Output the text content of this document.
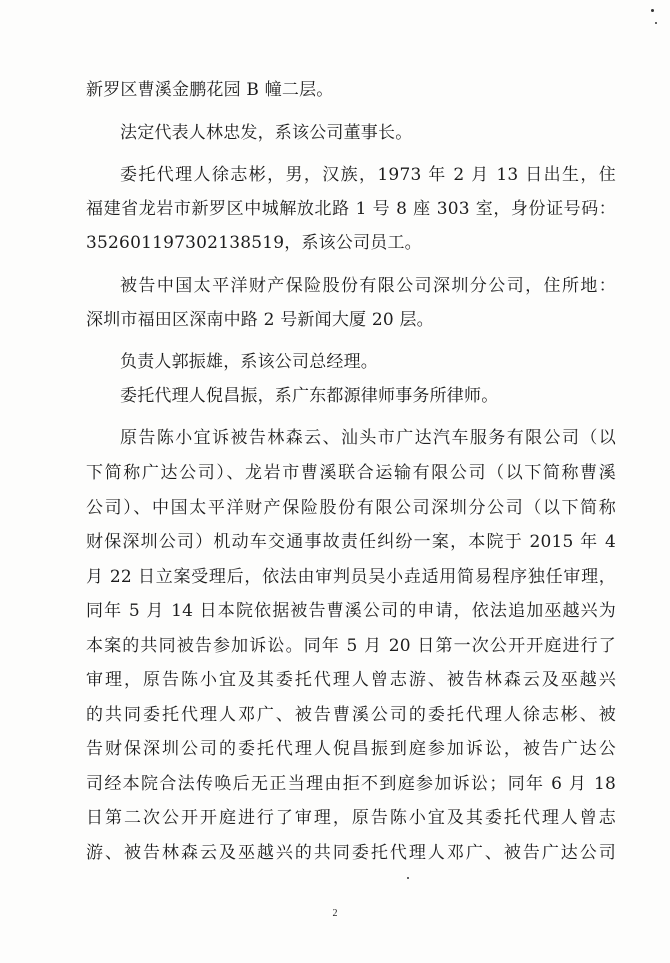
新罗区曹溪金鹏花园 B 幢二层。
法定代表人林忠发，系该公司董事长。
委托代理人徐志彬，男，汉族，1973 年 2 月 13 日出生，住
福建省龙岩市新罗区中城解放北路 1 号 8 座 303 室，身份证号码：
352601197302138519，系该公司员工。
被告中国太平洋财产保险股份有限公司深圳分公司，住所地：
深圳市福田区深南中路 2 号新闻大厦 20 层。
负责人郭振雄，系该公司总经理。
委托代理人倪昌振，系广东都源律师事务所律师。
原告陈小宜诉被告林森云、汕头市广达汽车服务有限公司（以
下简称广达公司）、龙岩市曹溪联合运输有限公司（以下简称曹溪
公司）、中国太平洋财产保险股份有限公司深圳分公司（以下简称
财保深圳公司）机动车交通事故责任纠纷一案，本院于 2015 年 4
月 22 日立案受理后，依法由审判员吴小垚适用简易程序独任审理，
同年 5 月 14 日本院依据被告曹溪公司的申请，依法追加巫越兴为
本案的共同被告参加诉讼。同年 5 月 20 日第一次公开开庭进行了
审理，原告陈小宜及其委托代理人曾志游、被告林森云及巫越兴
的共同委托代理人邓广、被告曹溪公司的委托代理人徐志彬、被
告财保深圳公司的委托代理人倪昌振到庭参加诉讼，被告广达公
司经本院合法传唤后无正当理由拒不到庭参加诉讼；同年 6 月 18
日第二次公开开庭进行了审理，原告陈小宜及其委托代理人曾志
游、被告林森云及巫越兴的共同委托代理人邓广、被告广达公司
2
